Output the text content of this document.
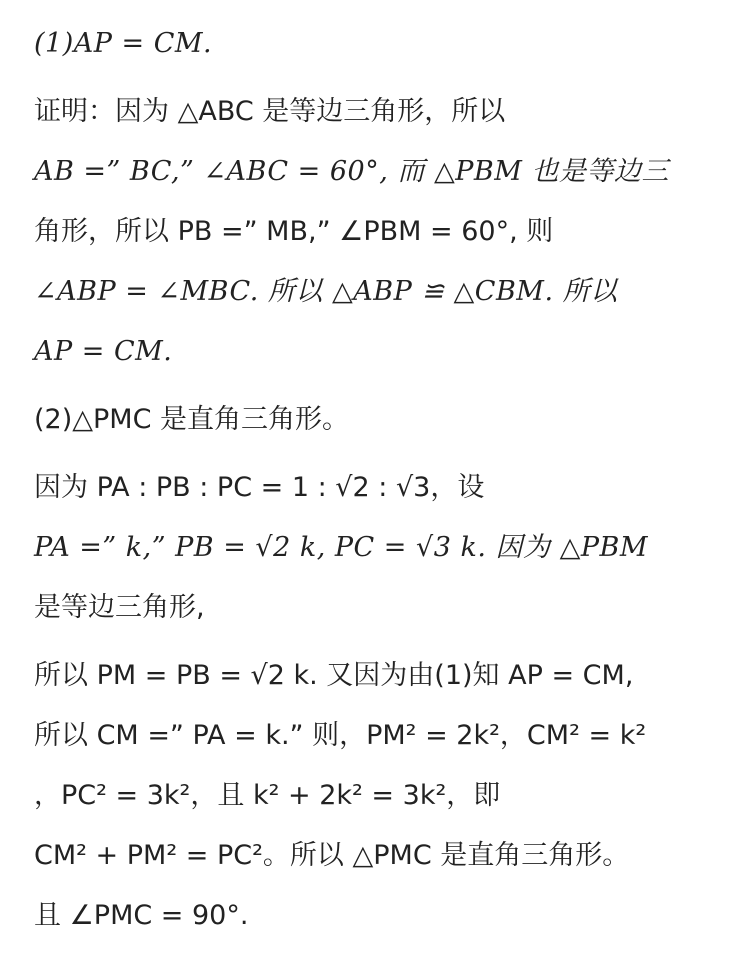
(1)AP = CM.
证明：因为 △ABC 是等边三角形，所以
AB =” BC,” ∠ABC = 60°, 而 △PBM 也是等边三
角形，所以 PB =” MB,” ∠PBM = 60°, 则
∠ABP = ∠MBC. 所以 △ABP ≌ △CBM. 所以
AP = CM.
(2)△PMC 是直角三角形。
因为 PA : PB : PC = 1 : √2 : √3，设
PA =” k,” PB = √2 k, PC = √3 k. 因为 △PBM
是等边三角形,
所以 PM = PB = √2 k. 又因为由(1)知 AP = CM,
所以 CM =” PA = k.” 则，PM² = 2k²，CM² = k²
，PC² = 3k²，且 k² + 2k² = 3k²，即
CM² + PM² = PC²。所以 △PMC 是直角三角形。
且 ∠PMC = 90°.
